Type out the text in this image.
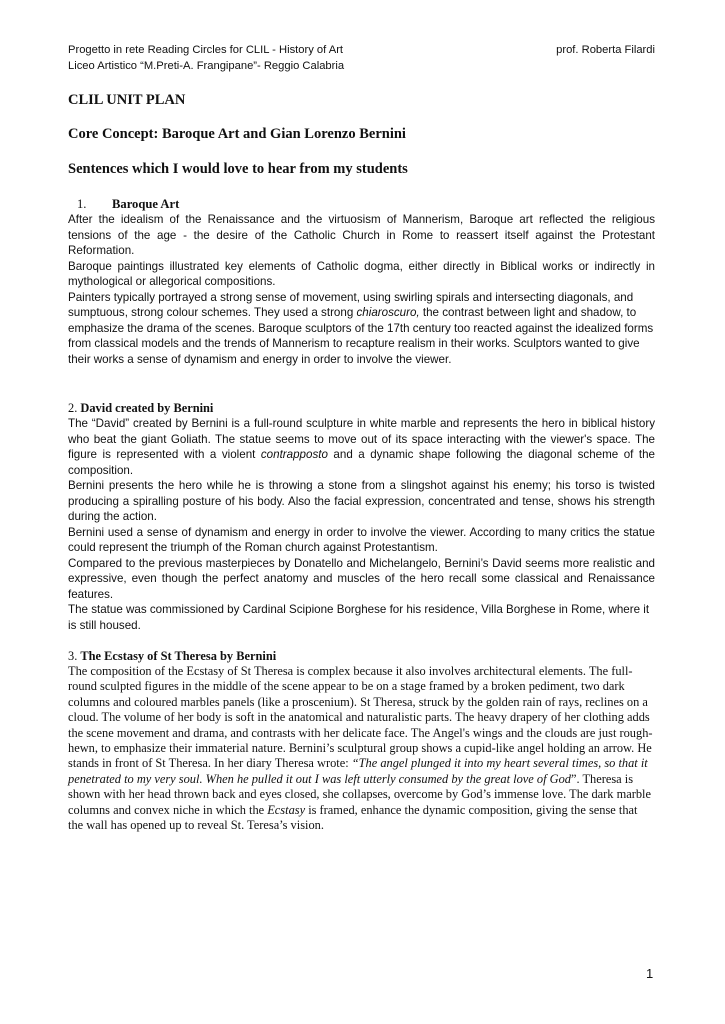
Progetto in rete Reading Circles for CLIL - History of Art	prof. Roberta Filardi
Liceo Artistico “M.Preti-A. Frangipane”- Reggio Calabria

CLIL UNIT PLAN

Core Concept: Baroque Art and Gian Lorenzo Bernini

Sentences which I would love to hear from my students

1. Baroque Art

After the idealism of the Renaissance and the virtuosism of Mannerism, Baroque art reflected the religious tensions of the age - the desire of the Catholic Church in Rome to reassert itself against the Protestant Reformation.

Baroque paintings illustrated key elements of Catholic dogma, either directly in Biblical works or indirectly in mythological or allegorical compositions.

Painters typically portrayed a strong sense of movement, using swirling spirals and intersecting diagonals, and sumptuous, strong colour schemes. They used a strong chiaroscuro, the contrast between light and shadow, to emphasize the drama of the scenes. Baroque sculptors of the 17th century too reacted against the idealized forms from classical models and the trends of Mannerism to recapture realism in their works. Sculptors wanted to give their works a sense of dynamism and energy in order to involve the viewer.

2. David created by Bernini

The “David” created by Bernini is a full-round sculpture in white marble and represents the hero in biblical history who beat the giant Goliath. The statue seems to move out of its space interacting with the viewer's space. The figure is represented with a violent contrapposto and a dynamic shape following the diagonal scheme of the composition.

Bernini presents the hero while he is throwing a stone from a slingshot against his enemy; his torso is twisted producing a spiralling posture of his body. Also the facial expression, concentrated and tense, shows his strength during the action.

Bernini used a sense of dynamism and energy in order to involve the viewer. According to many critics the statue could represent the triumph of the Roman church against Protestantism.

Compared to the previous masterpieces by Donatello and Michelangelo, Bernini’s David seems more realistic and expressive, even though the perfect anatomy and muscles of the hero recall some classical and Renaissance features.

The statue was commissioned by Cardinal Scipione Borghese for his residence, Villa Borghese in Rome, where it is still housed.

3. The Ecstasy of St Theresa by Bernini

The composition of the Ecstasy of St Theresa is complex because it also involves architectural elements. The full-round sculpted figures in the middle of the scene appear to be on a stage framed by a broken pediment, two dark columns and coloured marbles panels (like a proscenium). St Theresa, struck by the golden rain of rays, reclines on a cloud. The volume of her body is soft in the anatomical and naturalistic parts. The heavy drapery of her clothing adds the scene movement and drama, and contrasts with her delicate face. The Angel's wings and the clouds are just rough-hewn, to emphasize their immaterial nature. Bernini’s sculptural group shows a cupid-like angel holding an arrow. He stands in front of St Theresa. In her diary Theresa wrote: “The angel plunged it into my heart several times, so that it penetrated to my very soul. When he pulled it out I was left utterly consumed by the great love of God”. Theresa is shown with her head thrown back and eyes closed, she collapses, overcome by God’s immense love. The dark marble columns and convex niche in which the Ecstasy is framed, enhance the dynamic composition, giving the sense that the wall has opened up to reveal St. Teresa’s vision.

1
